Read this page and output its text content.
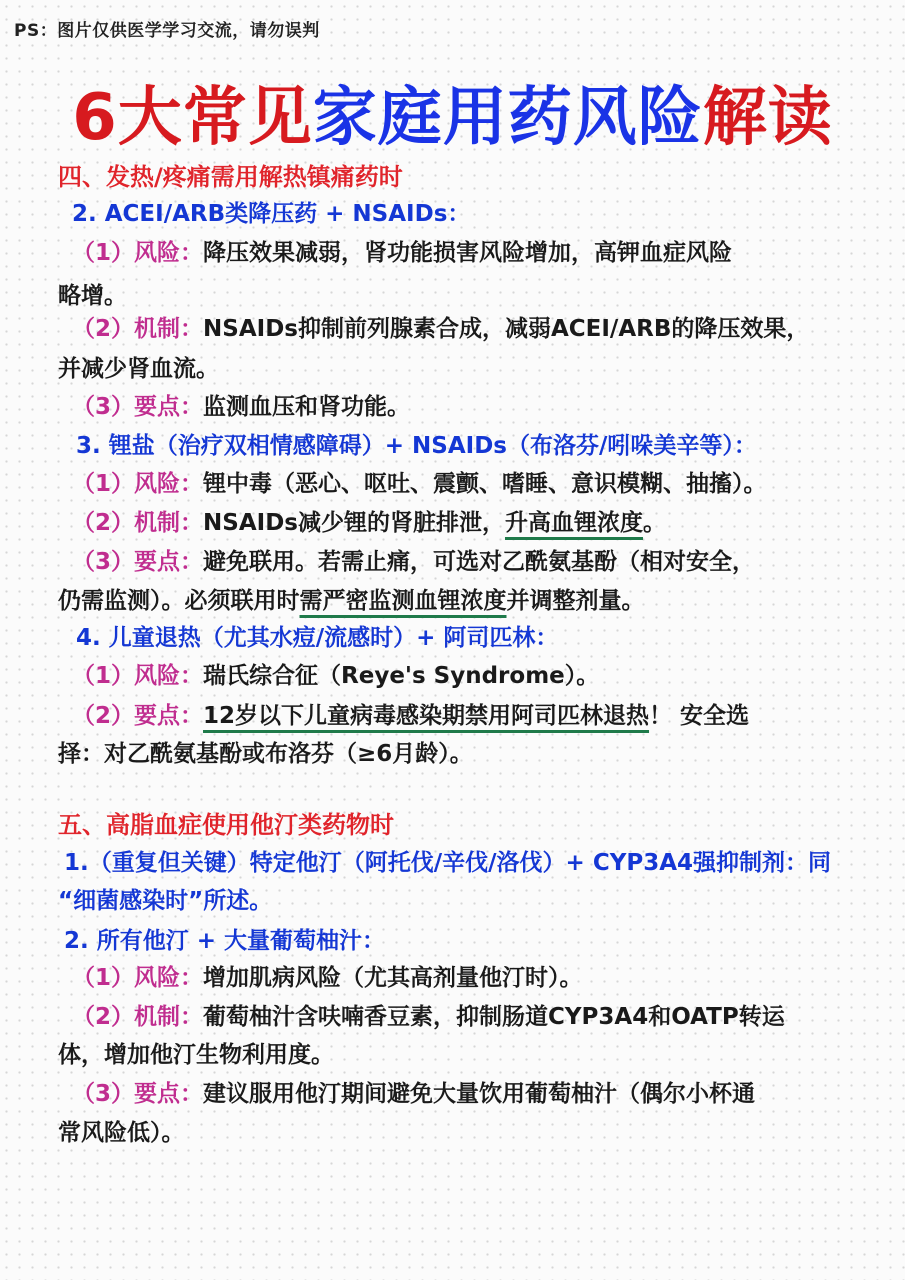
PS：图片仅供医学学习交流，请勿误判
6大常见家庭用药风险解读
四、发热/疼痛需用解热镇痛药时
2. ACEI/ARB类降压药 + NSAIDs：
（1）风险：降压效果减弱，肾功能损害风险增加，高钾血症风险
略增。
（2）机制：NSAIDs抑制前列腺素合成，减弱ACEI/ARB的降压效果，
并减少肾血流。
（3）要点：监测血压和肾功能。
3. 锂盐（治疗双相情感障碍）+ NSAIDs（布洛芬/吲哚美辛等）：
（1）风险：锂中毒（恶心、呕吐、震颤、嗜睡、意识模糊、抽搐）。
（2）机制：NSAIDs减少锂的肾脏排泄，升高血锂浓度。
（3）要点：避免联用。若需止痛，可选对乙酰氨基酚（相对安全，
仍需监测）。必须联用时需严密监测血锂浓度并调整剂量。
4. 儿童退热（尤其水痘/流感时）+ 阿司匹林：
（1）风险：瑞氏综合征（Reye's Syndrome）。
（2）要点：12岁以下儿童病毒感染期禁用阿司匹林退热！ 安全选
择：对乙酰氨基酚或布洛芬（≥6月龄）。
五、高脂血症使用他汀类药物时
1.（重复但关键）特定他汀（阿托伐/辛伐/洛伐）+ CYP3A4强抑制剂：同
“细菌感染时”所述。
2. 所有他汀 + 大量葡萄柚汁：
（1）风险：增加肌病风险（尤其高剂量他汀时）。
（2）机制：葡萄柚汁含呋喃香豆素，抑制肠道CYP3A4和OATP转运
体，增加他汀生物利用度。
（3）要点：建议服用他汀期间避免大量饮用葡萄柚汁（偶尔小杯通
常风险低）。
